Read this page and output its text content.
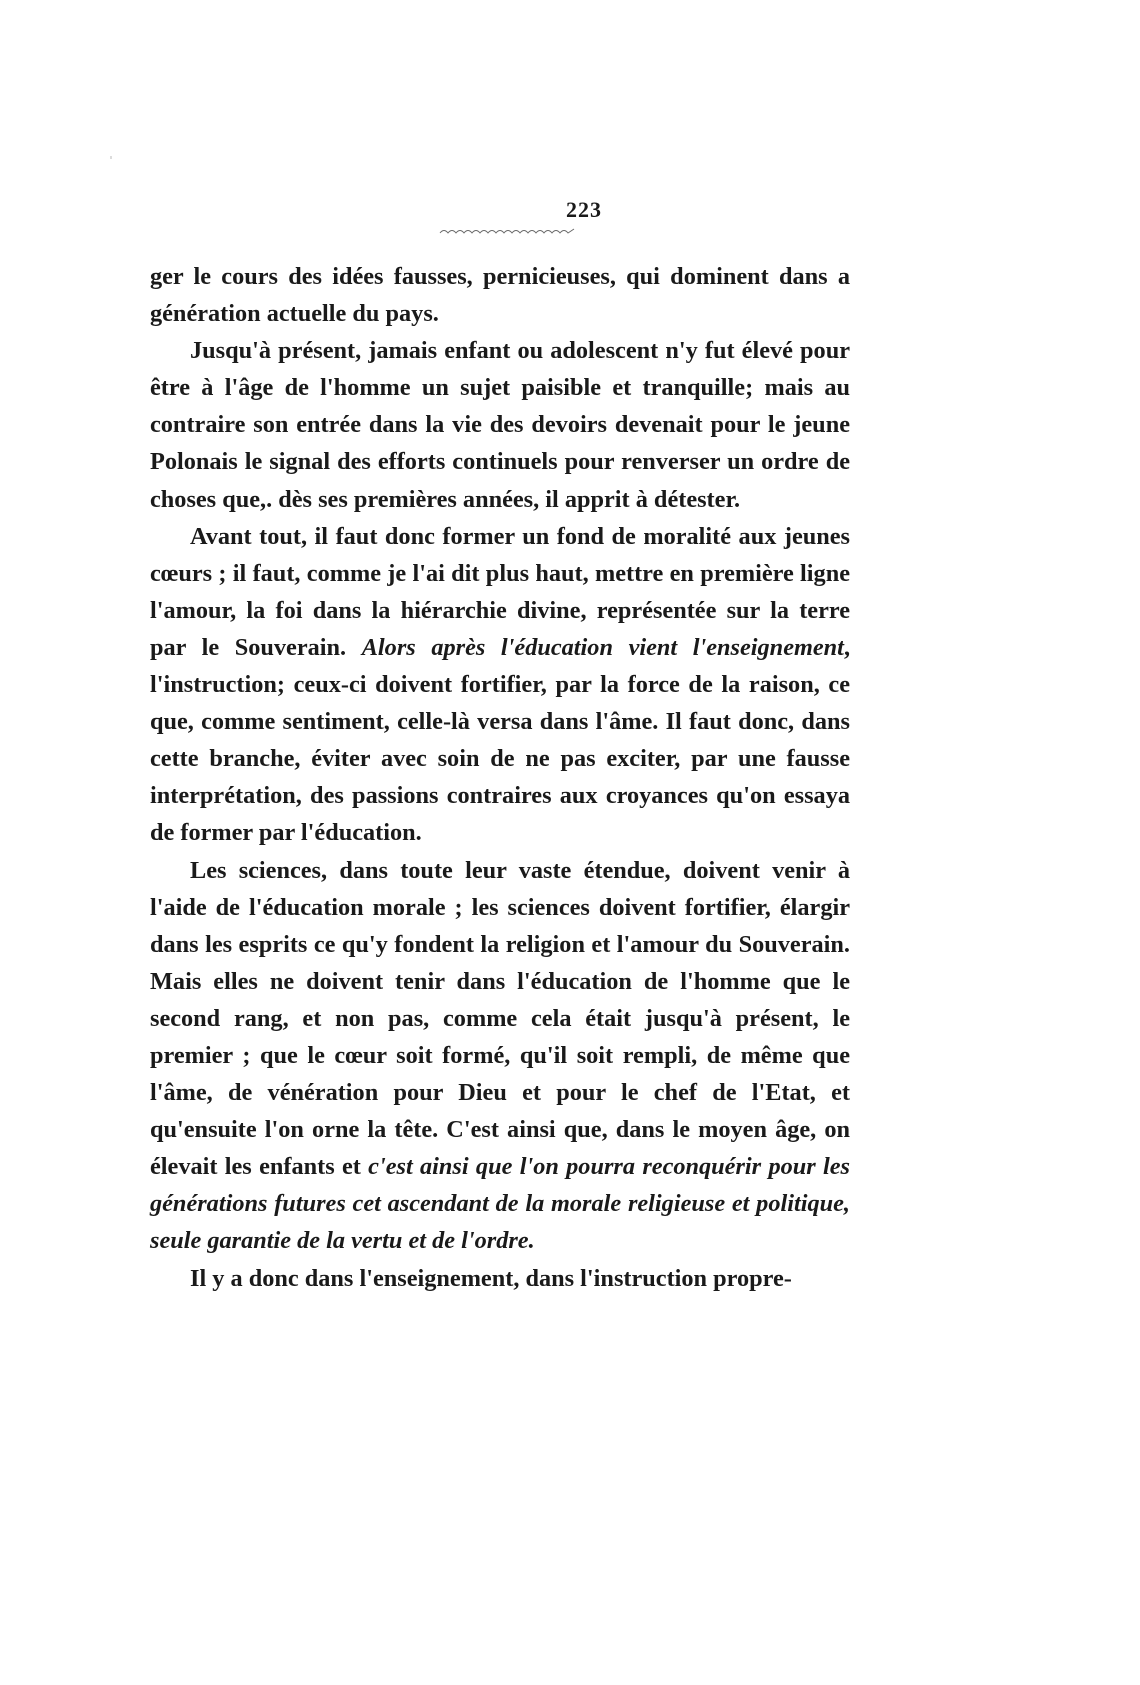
223

ger le cours des idées fausses, pernicieuses, qui dominent dans a génération actuelle du pays.

Jusqu'à présent, jamais enfant ou adolescent n'y fut élevé pour être à l'âge de l'homme un sujet paisible et tranquille; mais au contraire son entrée dans la vie des devoirs devenait pour le jeune Polonais le signal des efforts continuels pour renverser un ordre de choses que,. dès ses premières années, il apprit à détester.

Avant tout, il faut donc former un fond de moralité aux jeunes cœurs ; il faut, comme je l'ai dit plus haut, mettre en première ligne l'amour, la foi dans la hiérarchie divine, représentée sur la terre par le Souverain. Alors après l'éducation vient l'enseignement, l'instruction; ceux-ci doivent fortifier, par la force de la raison, ce que, comme sentiment, celle-là versa dans l'âme. Il faut donc, dans cette branche, éviter avec soin de ne pas exciter, par une fausse interprétation, des passions contraires aux croyances qu'on essaya de former par l'éducation.

Les sciences, dans toute leur vaste étendue, doivent venir à l'aide de l'éducation morale ; les sciences doivent fortifier, élargir dans les esprits ce qu'y fondent la religion et l'amour du Souverain. Mais elles ne doivent tenir dans l'éducation de l'homme que le second rang, et non pas, comme cela était jusqu'à présent, le premier ; que le cœur soit formé, qu'il soit rempli, de même que l'âme, de vénération pour Dieu et pour le chef de l'Etat, et qu'ensuite l'on orne la tête. C'est ainsi que, dans le moyen âge, on élevait les enfants et c'est ainsi que l'on pourra reconquérir pour les générations futures cet ascendant de la morale religieuse et politique, seule garantie de la vertu et de l'ordre.

Il y a donc dans l'enseignement, dans l'instruction propre-
